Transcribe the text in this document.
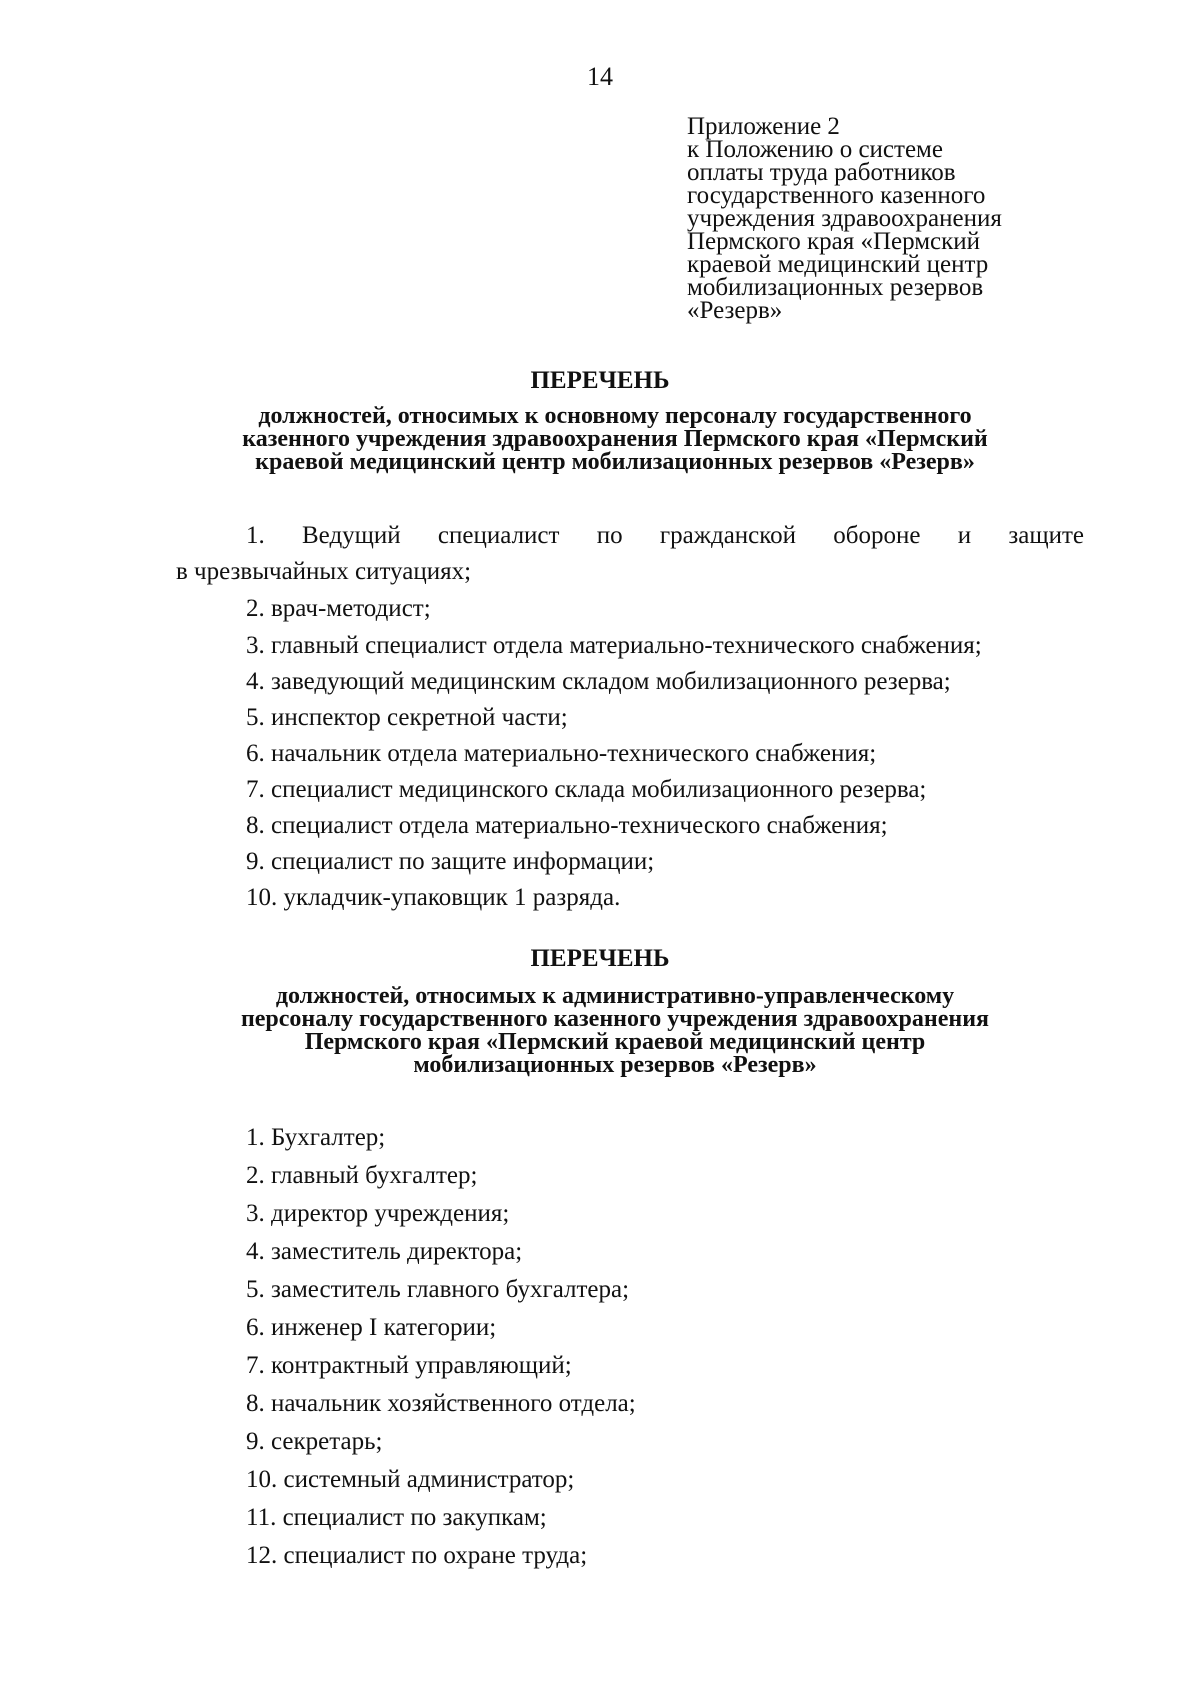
14
Приложение 2
к Положению о системе
оплаты труда работников
государственного казенного
учреждения здравоохранения
Пермского края «Пермский
краевой медицинский центр
мобилизационных резервов
«Резерв»
ПЕРЕЧЕНЬ
должностей, относимых к основному персоналу государственного
казенного учреждения здравоохранения Пермского края «Пермский
краевой медицинский центр мобилизационных резервов «Резерв»
1. Ведущий специалист по гражданской обороне и защите
в чрезвычайных ситуациях;
2. врач-методист;
3. главный специалист отдела материально-технического снабжения;
4. заведующий медицинским складом мобилизационного резерва;
5. инспектор секретной части;
6. начальник отдела материально-технического снабжения;
7. специалист медицинского склада мобилизационного резерва;
8. специалист отдела материально-технического снабжения;
9. специалист по защите информации;
10. укладчик-упаковщик 1 разряда.
ПЕРЕЧЕНЬ
должностей, относимых к административно-управленческому
персоналу государственного казенного учреждения здравоохранения
Пермского края «Пермский краевой медицинский центр
мобилизационных резервов «Резерв»
1. Бухгалтер;
2. главный бухгалтер;
3. директор учреждения;
4. заместитель директора;
5. заместитель главного бухгалтера;
6. инженер I категории;
7. контрактный управляющий;
8. начальник хозяйственного отдела;
9. секретарь;
10. системный администратор;
11. специалист по закупкам;
12. специалист по охране труда;
